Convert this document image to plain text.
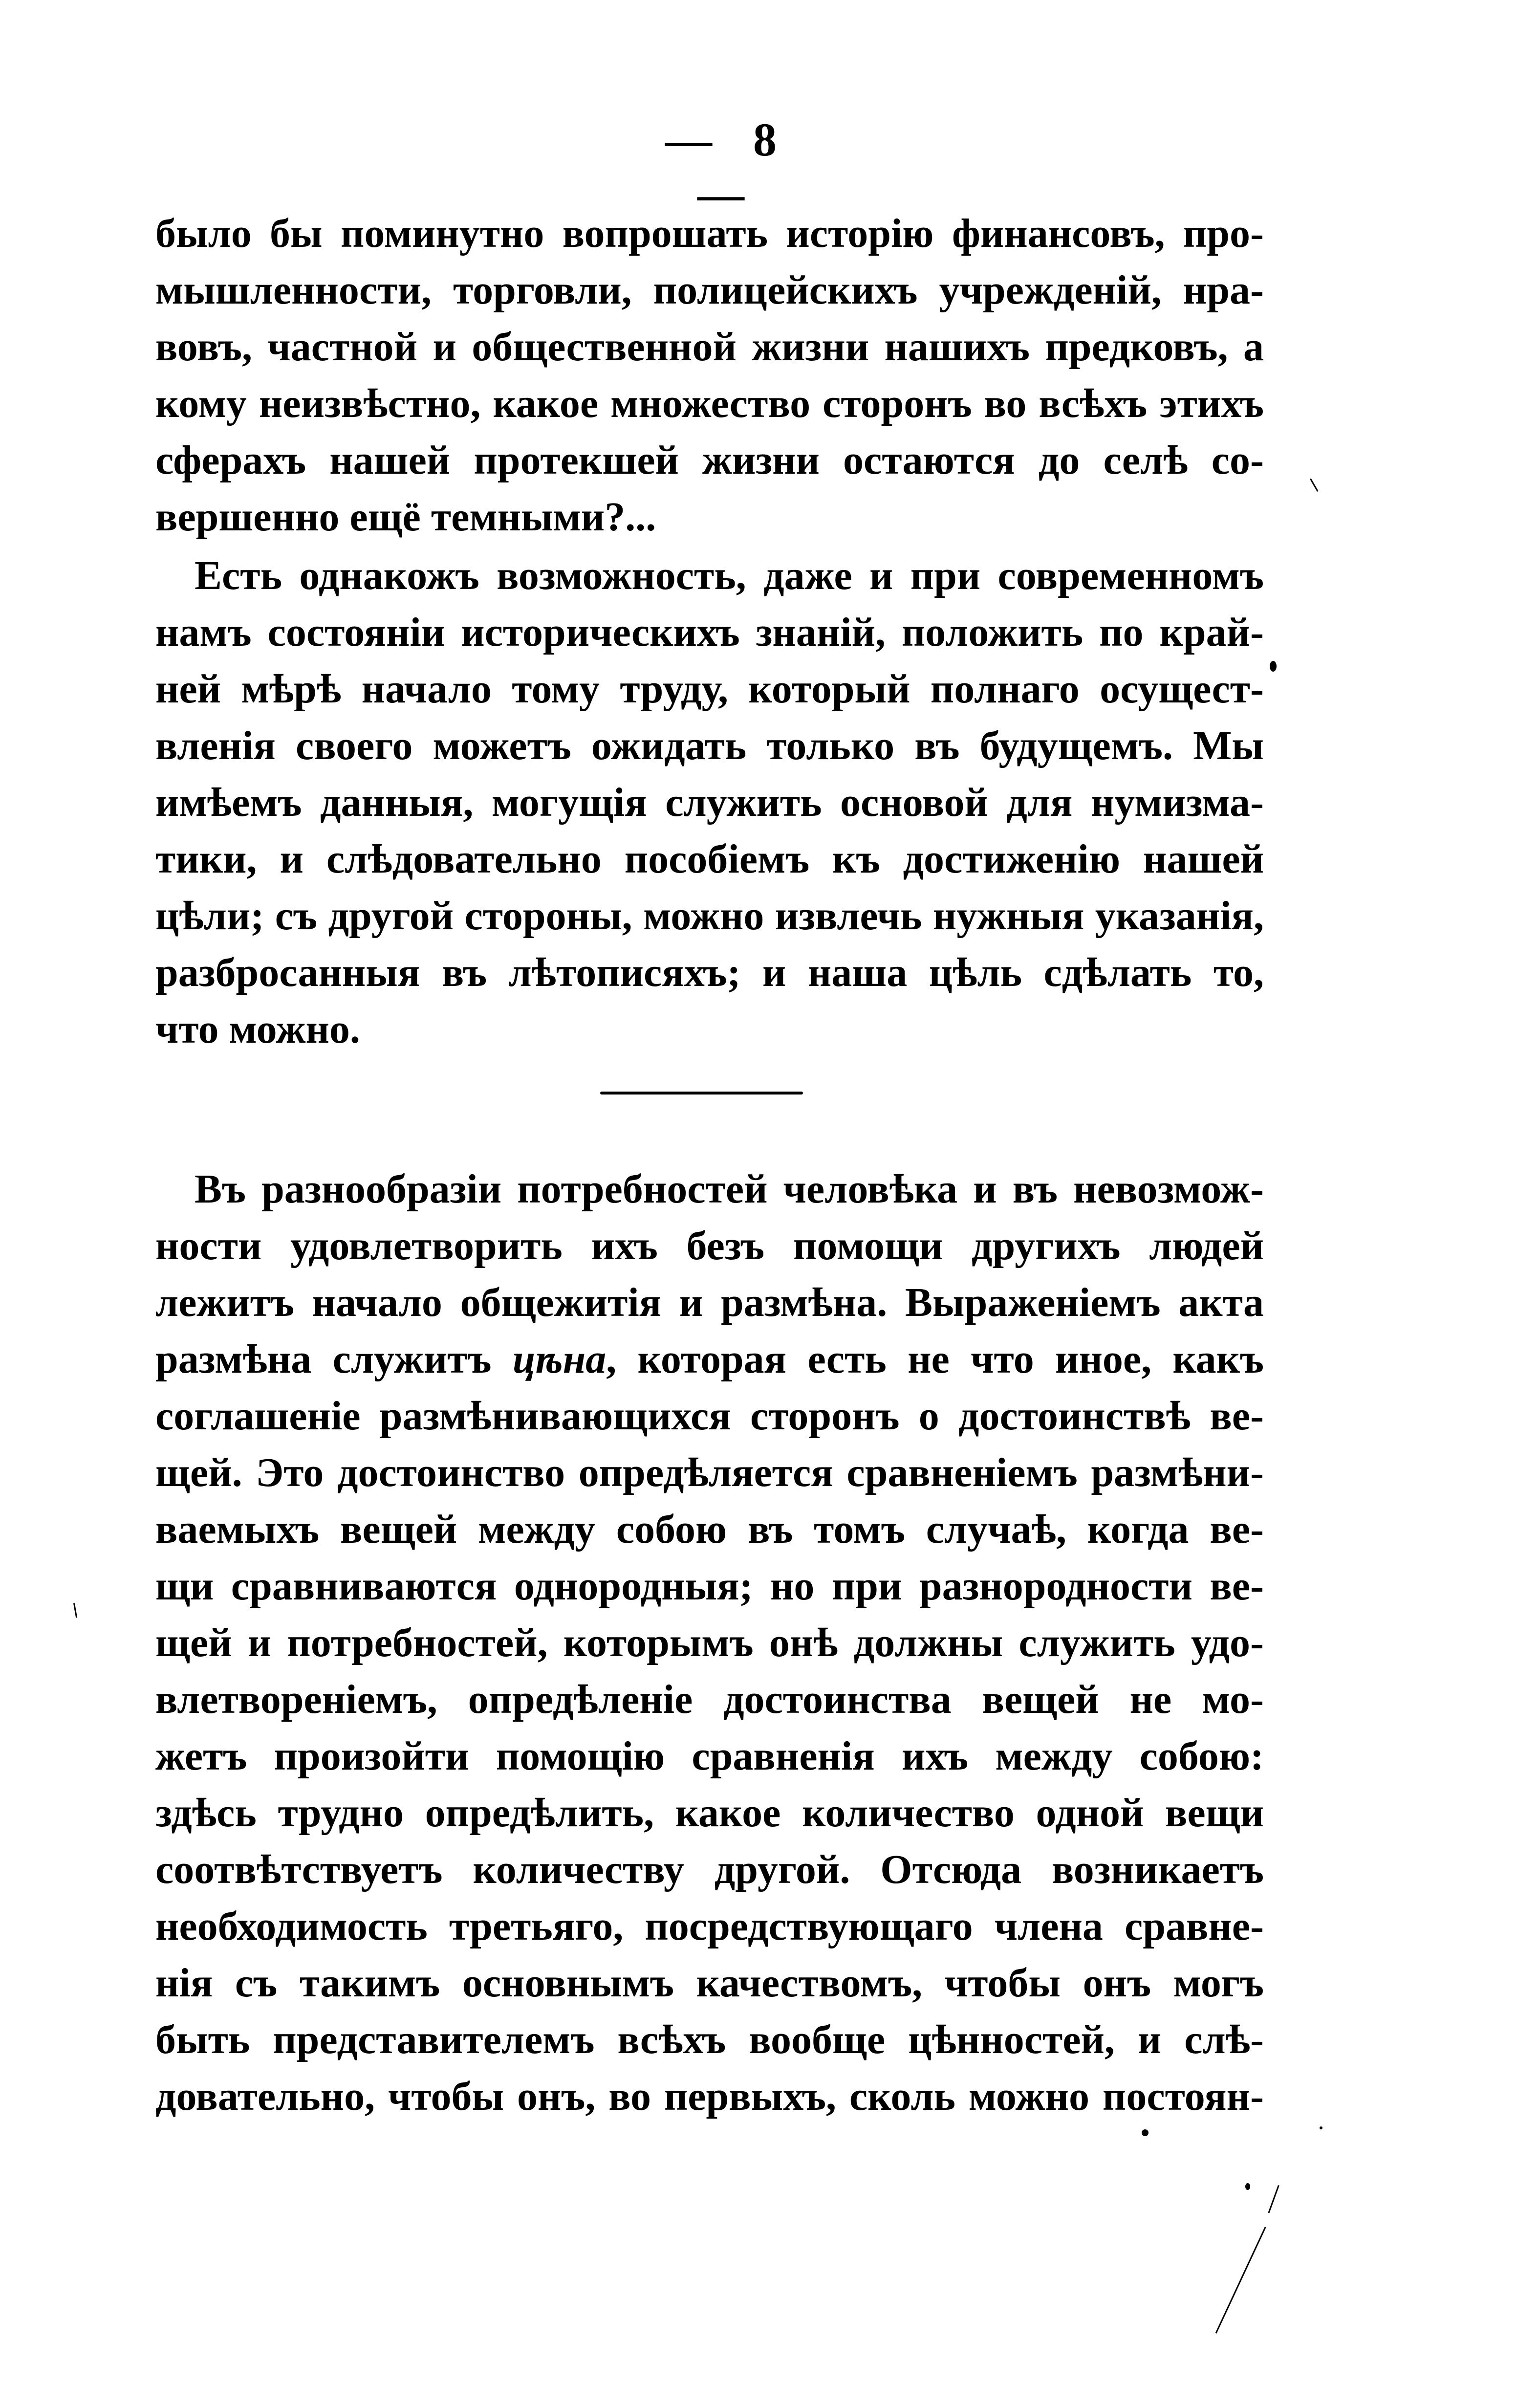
— 8 —
было бы поминутно вопрошать исторію финансовъ, про-
мышленности, торговли, полицейскихъ учрежденій, нра-
вовъ, частной и общественной жизни нашихъ предковъ, а
кому неизвѣстно, какое множество сторонъ во всѣхъ этихъ
сферахъ нашей протекшей жизни остаются до селѣ со-
вершенно ещё темными?...
Есть однакожъ возможность, даже и при современномъ
намъ состояніи историческихъ знаній, положить по край-
ней мѣрѣ начало тому труду, который полнаго осущест-
вленія своего можетъ ожидать только въ будущемъ. Мы
имѣемъ данныя, могущія служить основой для нумизма-
тики, и слѣдовательно пособіемъ къ достиженію нашей
цѣли; съ другой стороны, можно извлечь нужныя указанія,
разбросанныя въ лѣтописяхъ; и наша цѣль сдѣлать то,
что можно.
Въ разнообразіи потребностей человѣка и въ невозмож-
ности удовлетворить ихъ безъ помощи другихъ людей
лежитъ начало общежитія и размѣна. Выраженіемъ акта
размѣна служитъ цѣна, которая есть не что иное, какъ
соглашеніе размѣнивающихся сторонъ о достоинствѣ ве-
щей. Это достоинство опредѣляется сравненіемъ размѣни-
ваемыхъ вещей между собою въ томъ случаѣ, когда ве-
щи сравниваются однородныя; но при разнородности ве-
щей и потребностей, которымъ онѣ должны служить удо-
влетвореніемъ, опредѣленіе достоинства вещей не мо-
жетъ произойти помощію сравненія ихъ между собою:
здѣсь трудно опредѣлить, какое количество одной вещи
соотвѣтствуетъ количеству другой. Отсюда возникаетъ
необходимость третьяго, посредствующаго члена сравне-
нія съ такимъ основнымъ качествомъ, чтобы онъ могъ
быть представителемъ всѣхъ вообще цѣнностей, и слѣ-
довательно, чтобы онъ, во первыхъ, сколь можно постоян-
